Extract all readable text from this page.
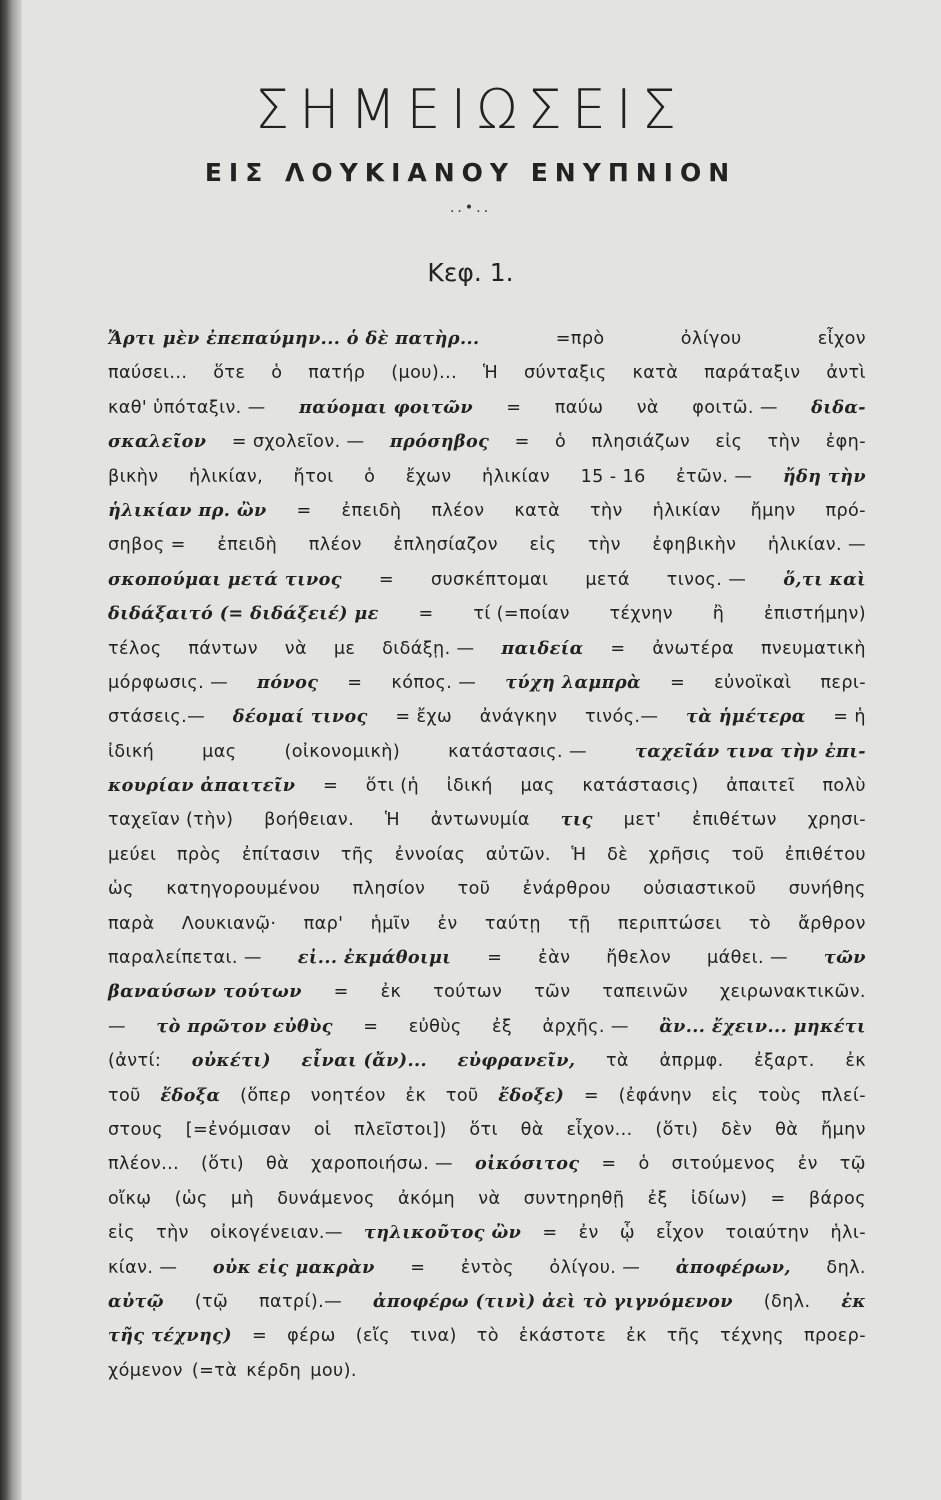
ΣΗΜΕΙΩΣΕΙΣ
ΕΙΣ ΛΟΥΚΙΑΝΟΥ ΕΝΥΠΝΙΟΝ
..•..
Κεφ. 1.
Ἄρτι μὲν ἐπεπαύμην... ὁ δὲ πατὴρ...	=πρὸ	ὀλίγου	εἶχον
παύσει... ὅτε ὁ πατήρ (μου)... Ἡ σύνταξις κατὰ παράταξιν ἀντὶ
καθ' ὑπόταξιν. — παύομαι φοιτῶν = παύω νὰ φοιτῶ. — διδα-
σκαλεῖον = σχολεῖον. — πρόσηβος = ὁ πλησιάζων εἰς τὴν ἐφη-
βικὴν ἡλικίαν, ἤτοι ὁ ἔχων ἡλικίαν 15 - 16 ἐτῶν. — ἤδη τὴν
ἡλικίαν πρ. ὢν = ἐπειδὴ πλέον κατὰ τὴν ἡλικίαν ἤμην πρό-
σηβος = ἐπειδὴ πλέον ἐπλησίαζον εἰς τὴν ἐφηβικὴν ἡλικίαν. —
σκοπούμαι μετά τινος = συσκέπτομαι μετά τινος. — ὅ,τι καὶ
διδάξαιτό (= διδάξειέ) με = τί (=ποίαν τέχνην ἢ ἐπιστήμην)
τέλος πάντων νὰ με διδάξῃ. — παιδεία = ἀνωτέρα πνευματικὴ
μόρφωσις. — πόνος = κόπος. — τύχη λαμπρὰ = εὐνοϊκαὶ περι-
στάσεις.— δέομαί τινος = ἔχω ἀνάγκην τινός.— τὰ ἡμέτερα = ἡ
ἰδική	μας	(οἰκονομικὴ)	κατάστασις. —	ταχεῖάν τινα τὴν ἐπι-
κουρίαν ἀπαιτεῖν = ὅτι (ἡ ἰδική μας κατάστασις) ἀπαιτεῖ πολὺ
ταχεῖαν (τὴν) βοήθειαν. Ἡ ἀντωνυμία τις μετ' ἐπιθέτων χρησι-
μεύει πρὸς ἐπίτασιν τῆς ἐννοίας αὐτῶν. Ἡ δὲ χρῆσις τοῦ ἐπιθέτου
ὡς κατηγορουμένου πλησίον τοῦ ἐνάρθρου οὐσιαστικοῦ συνήθης
παρὰ Λουκιανῷ· παρ' ἡμῖν ἐν ταύτῃ τῇ περιπτώσει τὸ ἄρθρον
παραλείπεται. — εἰ... ἐκμάθοιμι = ἐὰν ἤθελον μάθει. — τῶν
βαναύσων τούτων = ἐκ τούτων τῶν ταπεινῶν χειρωνακτικῶν.
— τὸ πρῶτον εὐθὺς = εὐθὺς ἐξ ἀρχῆς. — ἂν... ἔχειν... μηκέτι
(ἀντί: οὐκέτι) εἶναι (ἄν)... εὐφρανεῖν, τὰ ἀπρμφ. ἐξαρτ. ἐκ
τοῦ ἔδοξα (ὅπερ νοητέον ἐκ τοῦ ἔδοξε) = (ἐφάνην εἰς τοὺς πλεί-
στους [=ἐνόμισαν οἱ πλεῖστοι]) ὅτι θὰ εἶχον... (ὅτι) δὲν θὰ ἤμην
πλέον... (ὅτι) θὰ χαροποιήσω. — οἰκόσιτος = ὁ σιτούμενος ἐν τῷ
οἴκῳ (ὡς μὴ δυνάμενος ἀκόμη νὰ συντηρηθῇ ἐξ ἰδίων) = βάρος
εἰς τὴν οἰκογένειαν.— τηλικοῦτος ὢν = ἐν ᾧ εἶχον τοιαύτην ἡλι-
κίαν. — οὐκ εἰς μακρὰν = ἐντὸς ὀλίγου. — ἀποφέρων, δηλ.
αὐτῷ (τῷ πατρί).— ἀποφέρω (τινὶ) ἀεὶ τὸ γιγνόμενον (δηλ. ἐκ
τῆς τέχνης) = φέρω (εἴς τινα) τὸ ἑκάστοτε ἐκ τῆς τέχνης προερ-
χόμενον (=τὰ κέρδη μου).
